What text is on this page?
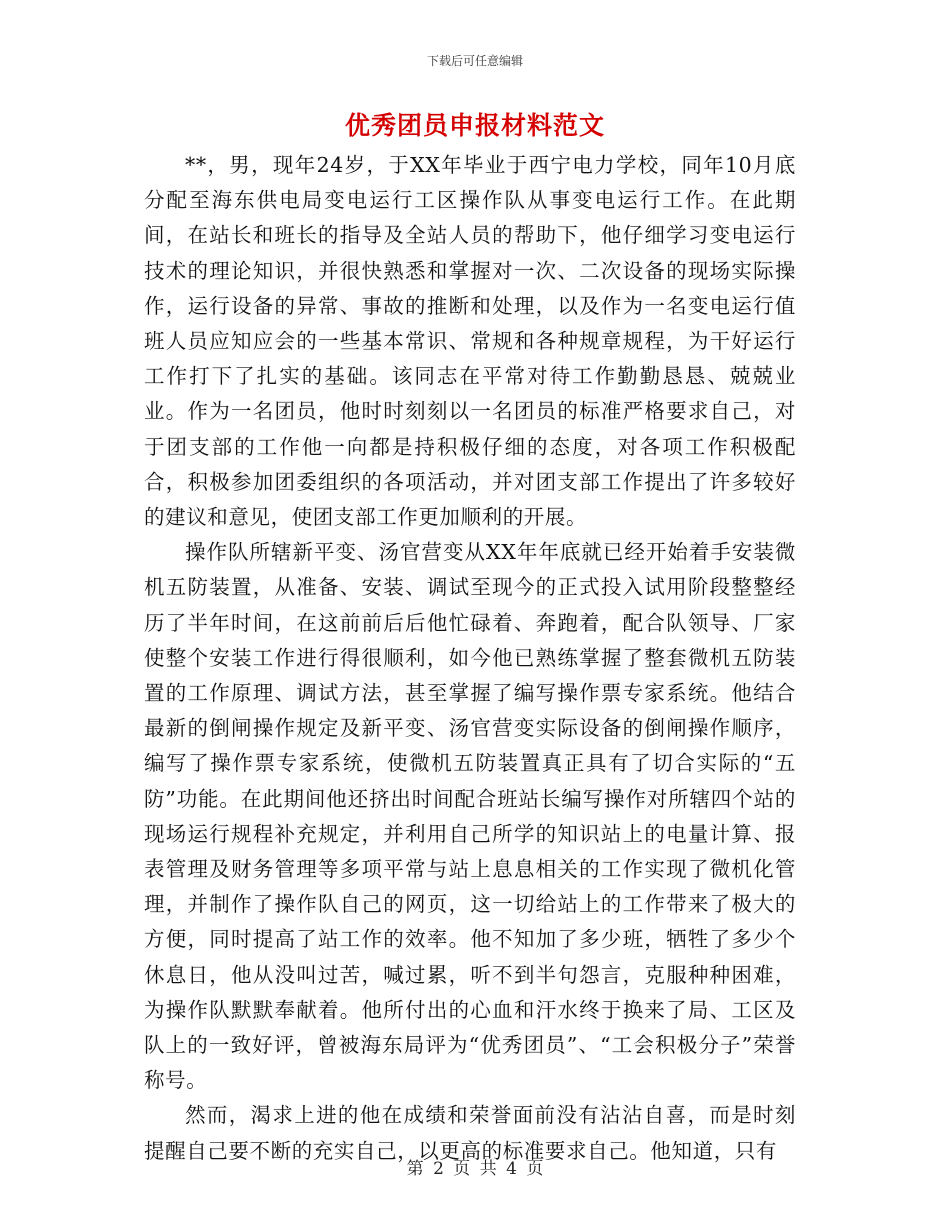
下载后可任意编辑
优秀团员申报材料范文

**，男，现年24岁，于XX年毕业于西宁电力学校，同年10月底分配至海东供电局变电运行工区操作队从事变电运行工作。在此期间，在站长和班长的指导及全站人员的帮助下，他仔细学习变电运行技术的理论知识，并很快熟悉和掌握对一次、二次设备的现场实际操作，运行设备的异常、事故的推断和处理，以及作为一名变电运行值班人员应知应会的一些基本常识、常规和各种规章规程，为干好运行工作打下了扎实的基础。该同志在平常对待工作勤勤恳恳、兢兢业业。作为一名团员，他时时刻刻以一名团员的标准严格要求自己，对于团支部的工作他一向都是持积极仔细的态度，对各项工作积极配合，积极参加团委组织的各项活动，并对团支部工作提出了许多较好的建议和意见，使团支部工作更加顺利的开展。

操作队所辖新平变、汤官营变从XX年年底就已经开始着手安装微机五防装置，从准备、安装、调试至现今的正式投入试用阶段整整经历了半年时间，在这前前后后他忙碌着、奔跑着，配合队领导、厂家使整个安装工作进行得很顺利，如今他已熟练掌握了整套微机五防装置的工作原理、调试方法，甚至掌握了编写操作票专家系统。他结合最新的倒闸操作规定及新平变、汤官营变实际设备的倒闸操作顺序，编写了操作票专家系统，使微机五防装置真正具有了切合实际的“五防”功能。在此期间他还挤出时间配合班站长编写操作对所辖四个站的现场运行规程补充规定，并利用自己所学的知识站上的电量计算、报表管理及财务管理等多项平常与站上息息相关的工作实现了微机化管理，并制作了操作队自己的网页，这一切给站上的工作带来了极大的方便，同时提高了站工作的效率。他不知加了多少班，牺牲了多少个休息日，他从没叫过苦，喊过累，听不到半句怨言，克服种种困难，为操作队默默奉献着。他所付出的心血和汗水终于换来了局、工区及队上的一致好评，曾被海东局评为“优秀团员”、“工会积极分子”荣誉称号。

然而，渴求上进的他在成绩和荣誉面前没有沾沾自喜，而是时刻提醒自己要不断的充实自己，以更高的标准要求自己。他知道，只有

第 2 页 共 4 页
